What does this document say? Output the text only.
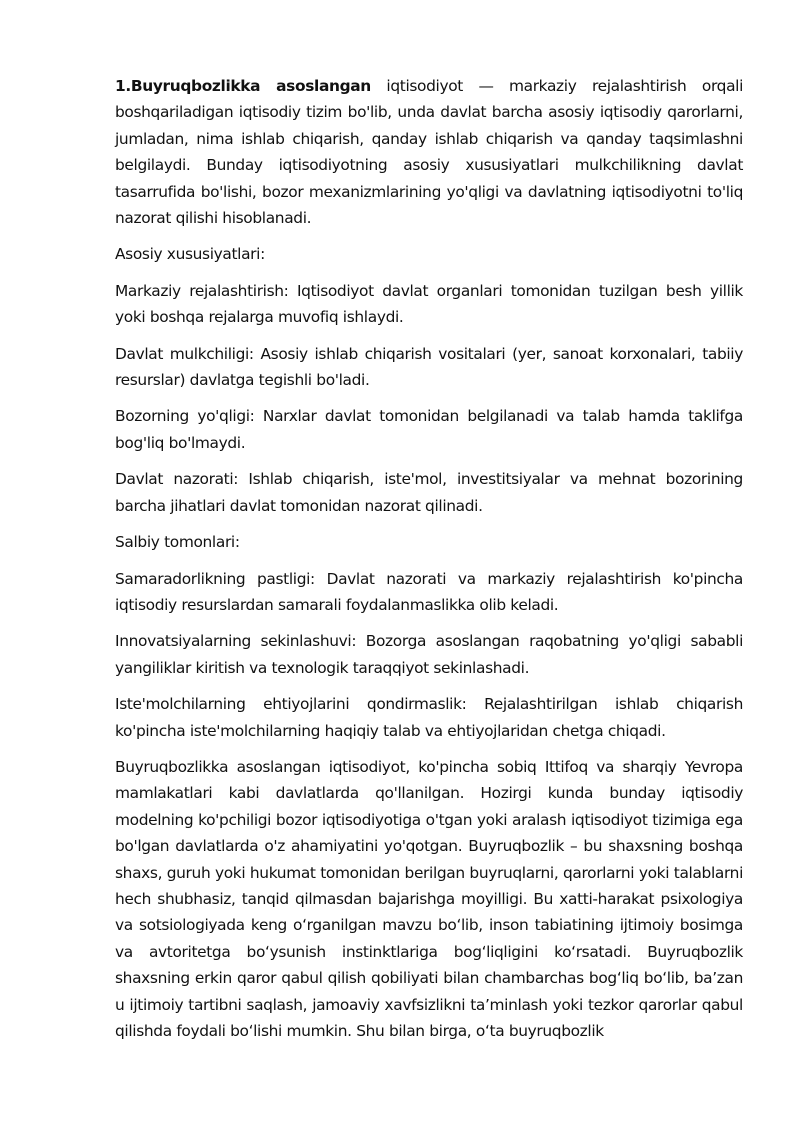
1.Buyruqbozlikka asoslangan iqtisodiyot — markaziy rejalashtirish orqali boshqariladigan iqtisodiy tizim bo'lib, unda davlat barcha asosiy iqtisodiy qarorlarni, jumladan, nima ishlab chiqarish, qanday ishlab chiqarish va qanday taqsimlashni belgilaydi. Bunday iqtisodiyotning asosiy xususiyatlari mulkchilikning davlat tasarrufida bo'lishi, bozor mexanizmlarining yo'qligi va davlatning iqtisodiyotni to'liq nazorat qilishi hisoblanadi.

Asosiy xususiyatlari:

Markaziy rejalashtirish: Iqtisodiyot davlat organlari tomonidan tuzilgan besh yillik yoki boshqa rejalarga muvofiq ishlaydi.

Davlat mulkchiligi: Asosiy ishlab chiqarish vositalari (yer, sanoat korxonalari, tabiiy resurslar) davlatga tegishli bo'ladi.

Bozorning yo'qligi: Narxlar davlat tomonidan belgilanadi va talab hamda taklifga bog'liq bo'lmaydi.

Davlat nazorati: Ishlab chiqarish, iste'mol, investitsiyalar va mehnat bozorining barcha jihatlari davlat tomonidan nazorat qilinadi.

Salbiy tomonlari:

Samaradorlikning pastligi: Davlat nazorati va markaziy rejalashtirish ko'pincha iqtisodiy resurslardan samarali foydalanmaslikka olib keladi.

Innovatsiyalarning sekinlashuvi: Bozorga asoslangan raqobatning yo'qligi sababli yangiliklar kiritish va texnologik taraqqiyot sekinlashadi.

Iste'molchilarning ehtiyojlarini qondirmaslik: Rejalashtirilgan ishlab chiqarish ko'pincha iste'molchilarning haqiqiy talab va ehtiyojlaridan chetga chiqadi.

Buyruqbozlikka asoslangan iqtisodiyot, ko'pincha sobiq Ittifoq va sharqiy Yevropa mamlakatlari kabi davlatlarda qo'llanilgan. Hozirgi kunda bunday iqtisodiy modelning ko'pchiligi bozor iqtisodiyotiga o'tgan yoki aralash iqtisodiyot tizimiga ega bo'lgan davlatlarda o'z ahamiyatini yo'qotgan. Buyruqbozlik – bu shaxsning boshqa shaxs, guruh yoki hukumat tomonidan berilgan buyruqlarni, qarorlarni yoki talablarni hech shubhasiz, tanqid qilmasdan bajarishga moyilligi. Bu xatti-harakat psixologiya va sotsiologiyada keng oʻrganilgan mavzu boʻlib, inson tabiatining ijtimoiy bosimga va avtoritetga boʻysunish instinktlariga bogʻliqligini koʻrsatadi. Buyruqbozlik shaxsning erkin qaror qabul qilish qobiliyati bilan chambarchas bogʻliq boʻlib, baʼzan u ijtimoiy tartibni saqlash, jamoaviy xavfsizlikni taʼminlash yoki tezkor qarorlar qabul qilishda foydali boʻlishi mumkin. Shu bilan birga, oʻta buyruqbozlik
